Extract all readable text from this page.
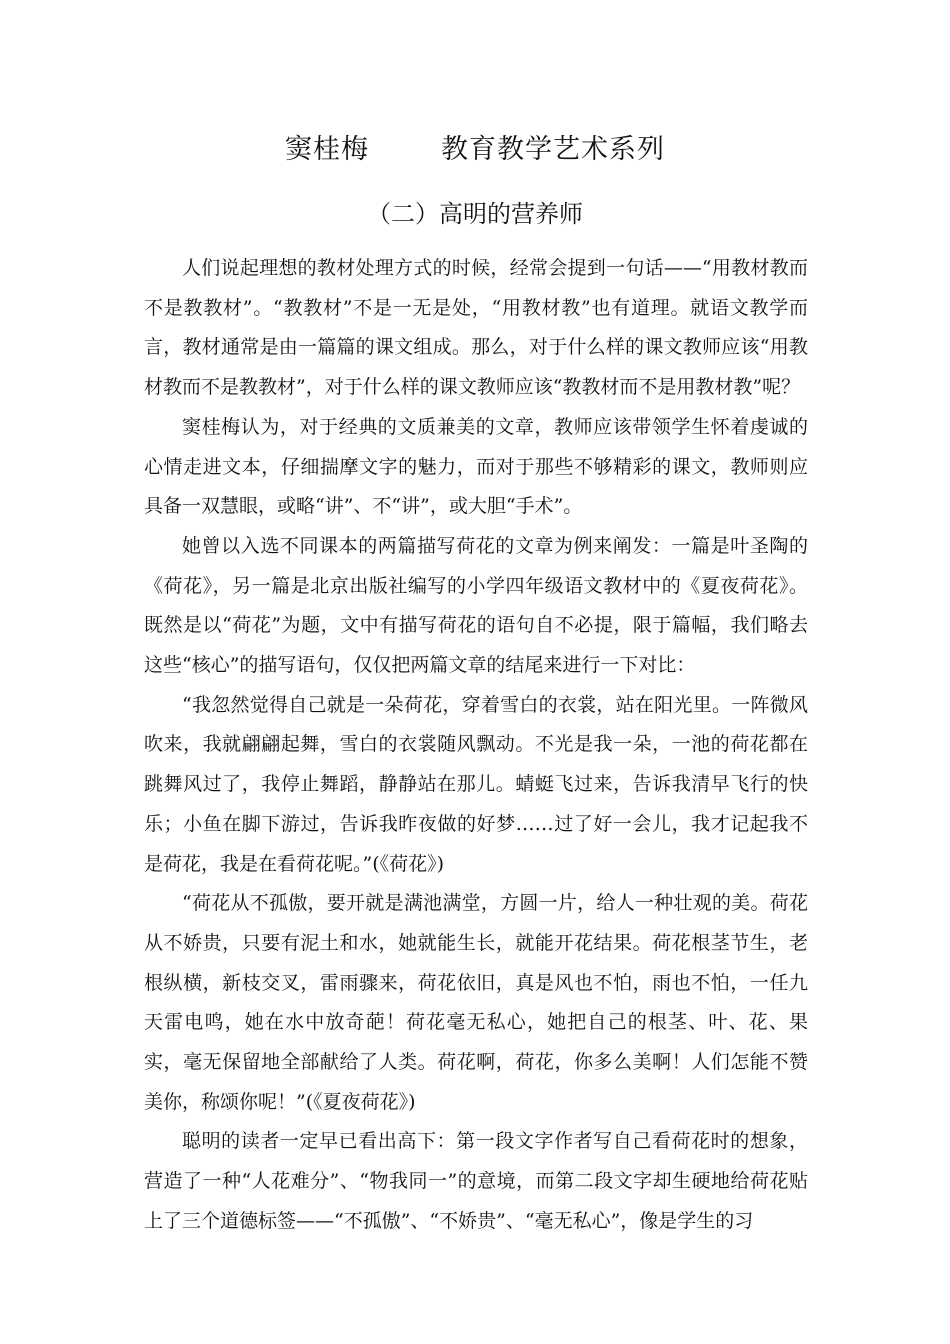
窦桂梅	教育教学艺术系列
（二）高明的营养师

人们说起理想的教材处理方式的时候，经常会提到一句话——“用教材教而不是教教材”。“教教材”不是一无是处，“用教材教”也有道理。就语文教学而言，教材通常是由一篇篇的课文组成。那么，对于什么样的课文教师应该“用教材教而不是教教材”，对于什么样的课文教师应该“教教材而不是用教材教”呢？

窦桂梅认为，对于经典的文质兼美的文章，教师应该带领学生怀着虔诚的心情走进文本，仔细揣摩文字的魅力，而对于那些不够精彩的课文，教师则应具备一双慧眼，或略“讲”、不“讲”，或大胆“手术”。

她曾以入选不同课本的两篇描写荷花的文章为例来阐发：一篇是叶圣陶的《荷花》，另一篇是北京出版社编写的小学四年级语文教材中的《夏夜荷花》。既然是以“荷花”为题，文中有描写荷花的语句自不必提，限于篇幅，我们略去这些“核心”的描写语句，仅仅把两篇文章的结尾来进行一下对比：

“我忽然觉得自己就是一朵荷花，穿着雪白的衣裳，站在阳光里。一阵微风吹来，我就翩翩起舞，雪白的衣裳随风飘动。不光是我一朵，一池的荷花都在跳舞风过了，我停止舞蹈，静静站在那儿。蜻蜓飞过来，告诉我清早飞行的快乐；小鱼在脚下游过，告诉我昨夜做的好梦……过了好一会儿，我才记起我不是荷花，我是在看荷花呢。”(《荷花》)

“荷花从不孤傲，要开就是满池满堂，方圆一片，给人一种壮观的美。荷花从不娇贵，只要有泥土和水，她就能生长，就能开花结果。荷花根茎节生，老根纵横，新枝交叉，雷雨骤来，荷花依旧，真是风也不怕，雨也不怕，一任九天雷电鸣，她在水中放奇葩！荷花毫无私心，她把自己的根茎、叶、花、果实，毫无保留地全部献给了人类。荷花啊，荷花，你多么美啊！人们怎能不赞美你，称颂你呢！”(《夏夜荷花》)

聪明的读者一定早已看出高下：第一段文字作者写自己看荷花时的想象，营造了一种“人花难分”、“物我同一”的意境，而第二段文字却生硬地给荷花贴上了三个道德标签——“不孤傲”、“不娇贵”、“毫无私心”，像是学生的习
